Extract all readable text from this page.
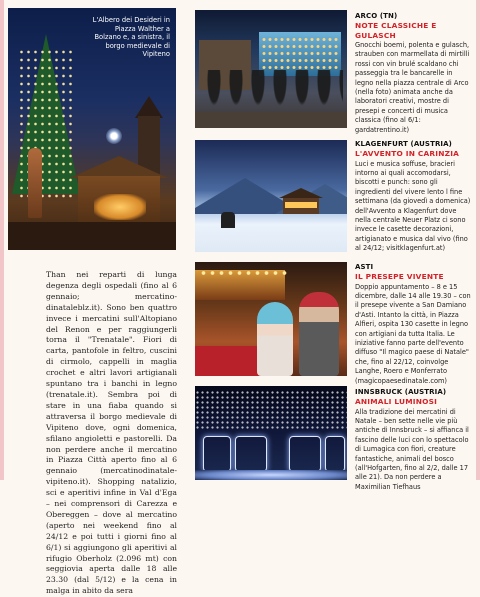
L'Albero dei Desideri in Piazza Walther a Bolzano e, a sinistra, il borgo medievale di Vipiteno

Than nei reparti di lunga degenza degli ospedali (fino al 6 gennaio; mercatino-dinataleblz.it). Sono ben quattro invece i mercatini sull'Altopiano del Renon e per raggiungerli torna il "Trenatale". Fiori di carta, pantofole in feltro, cuscini di cirmolo, cappelli in maglia crochet e altri lavori artigianali spuntano tra i banchi in legno (trenatale.it). Sembra poi di stare in una fiaba quando si attraversa il borgo medievale di Vipiteno dove, ogni domenica, sfilano angioletti e pastorelli. Da non perdere anche il mercatino in Piazza Città aperto fino al 6 gennaio (mercatinodinatale-vipiteno.it). Shopping natalizio, sci e aperitivi infine in Val d'Ega – nei comprensori di Carezza e Obereggen – dove al mercatino (aperto nei weekend fino al 24/12 e poi tutti i giorni fino al 6/1) si aggiungono gli aperitivi al rifugio Oberholz (2.096 mt) con seggiovia aperta dalle 18 alle 23.30 (dal 5/12) e la cena in malga in abito da sera

ARCO (TN)
NOTE CLASSICHE E GULASCH
Gnocchi boemi, polenta e gulasch, strauben con marmellata di mirtilli rossi con vin brulé scaldano chi passeggia tra le bancarelle in legno nella piazza centrale di Arco (nella foto) animata anche da laboratori creativi, mostre di presepi e concerti di musica classica (fino al 6/1: gardatrentino.it)
KLAGENFURT (AUSTRIA)
L'AVVENTO IN CARINZIA
Luci e musica soffuse, bracieri intorno ai quali accomodarsi, biscotti e punch: sono gli ingredienti del vivere lento l fine settimana (da giovedì a domenica) dell'Avvento a Klagenfurt dove nella centrale Neuer Platz ci sono invece le casette decorazioni, artigianato e musica dal vivo (fino al 24/12; visitklagenfurt.at)
ASTI
IL PRESEPE VIVENTE
Doppio appuntamento – 8 e 15 dicembre, dalle 14 alle 19.30 – con il presepe vivente a San Damiano d'Asti. Intanto la città, in Piazza Alfieri, ospita 130 casette in legno con artigiani da tutta Italia. Le iniziative fanno parte dell'evento diffuso "Il magico paese di Natale" che, fino al 22/12, coinvolge Langhe, Roero e Monferrato (magicopaesedinatale.com)
INNSBRUCK (AUSTRIA)
ANIMALI LUMINOSI
Alla tradizione dei mercatini di Natale – ben sette nelle vie più antiche di Innsbruck – si affianca il fascino delle luci con lo spettacolo di Lumagica con fiori, creature fantastiche, animali del bosco (all'Hofgarten, fino al 2/2, dalle 17 alle 21). Da non perdere a Maximilian Tiefhaus
